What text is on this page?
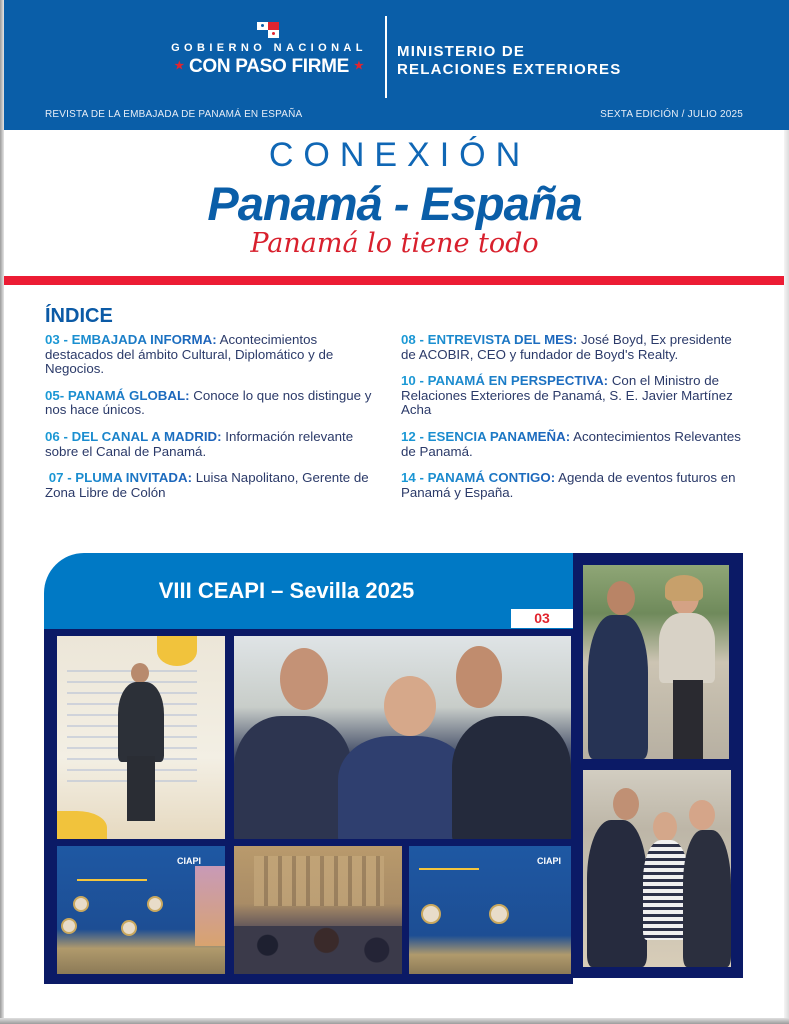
GOBIERNO NACIONAL
★ CON PASO FIRME ★
MINISTERIO DE
RELACIONES EXTERIORES
REVISTA DE LA EMBAJADA DE PANAMÁ EN ESPAÑA	SEXTA EDICIÓN / JULIO 2025
CONEXIÓN
Panamá - España
Panamá lo tiene todo
ÍNDICE

03 - EMBAJADA INFORMA: Acontecimientos destacados del ámbito Cultural, Diplomático y de Negocios.

05- PANAMÁ GLOBAL: Conoce lo que nos distingue y nos hace únicos.

06 - DEL CANAL A MADRID: Información relevante sobre el Canal de Panamá.

07 - PLUMA INVITADA: Luisa Napolitano, Gerente de Zona Libre de Colón

08 - ENTREVISTA DEL MES: José Boyd, Ex presidente de ACOBIR, CEO y fundador de Boyd's Realty.

10 - PANAMÁ EN PERSPECTIVA: Con el Ministro de Relaciones Exteriores de Panamá, S. E. Javier Martínez Acha

12 - ESENCIA PANAMEÑA: Acontecimientos Relevantes de Panamá.

14 - PANAMÁ CONTIGO: Agenda de eventos futuros en Panamá y España.

VIII CEAPI – Sevilla 2025
03
CIAPI	CIAPI
